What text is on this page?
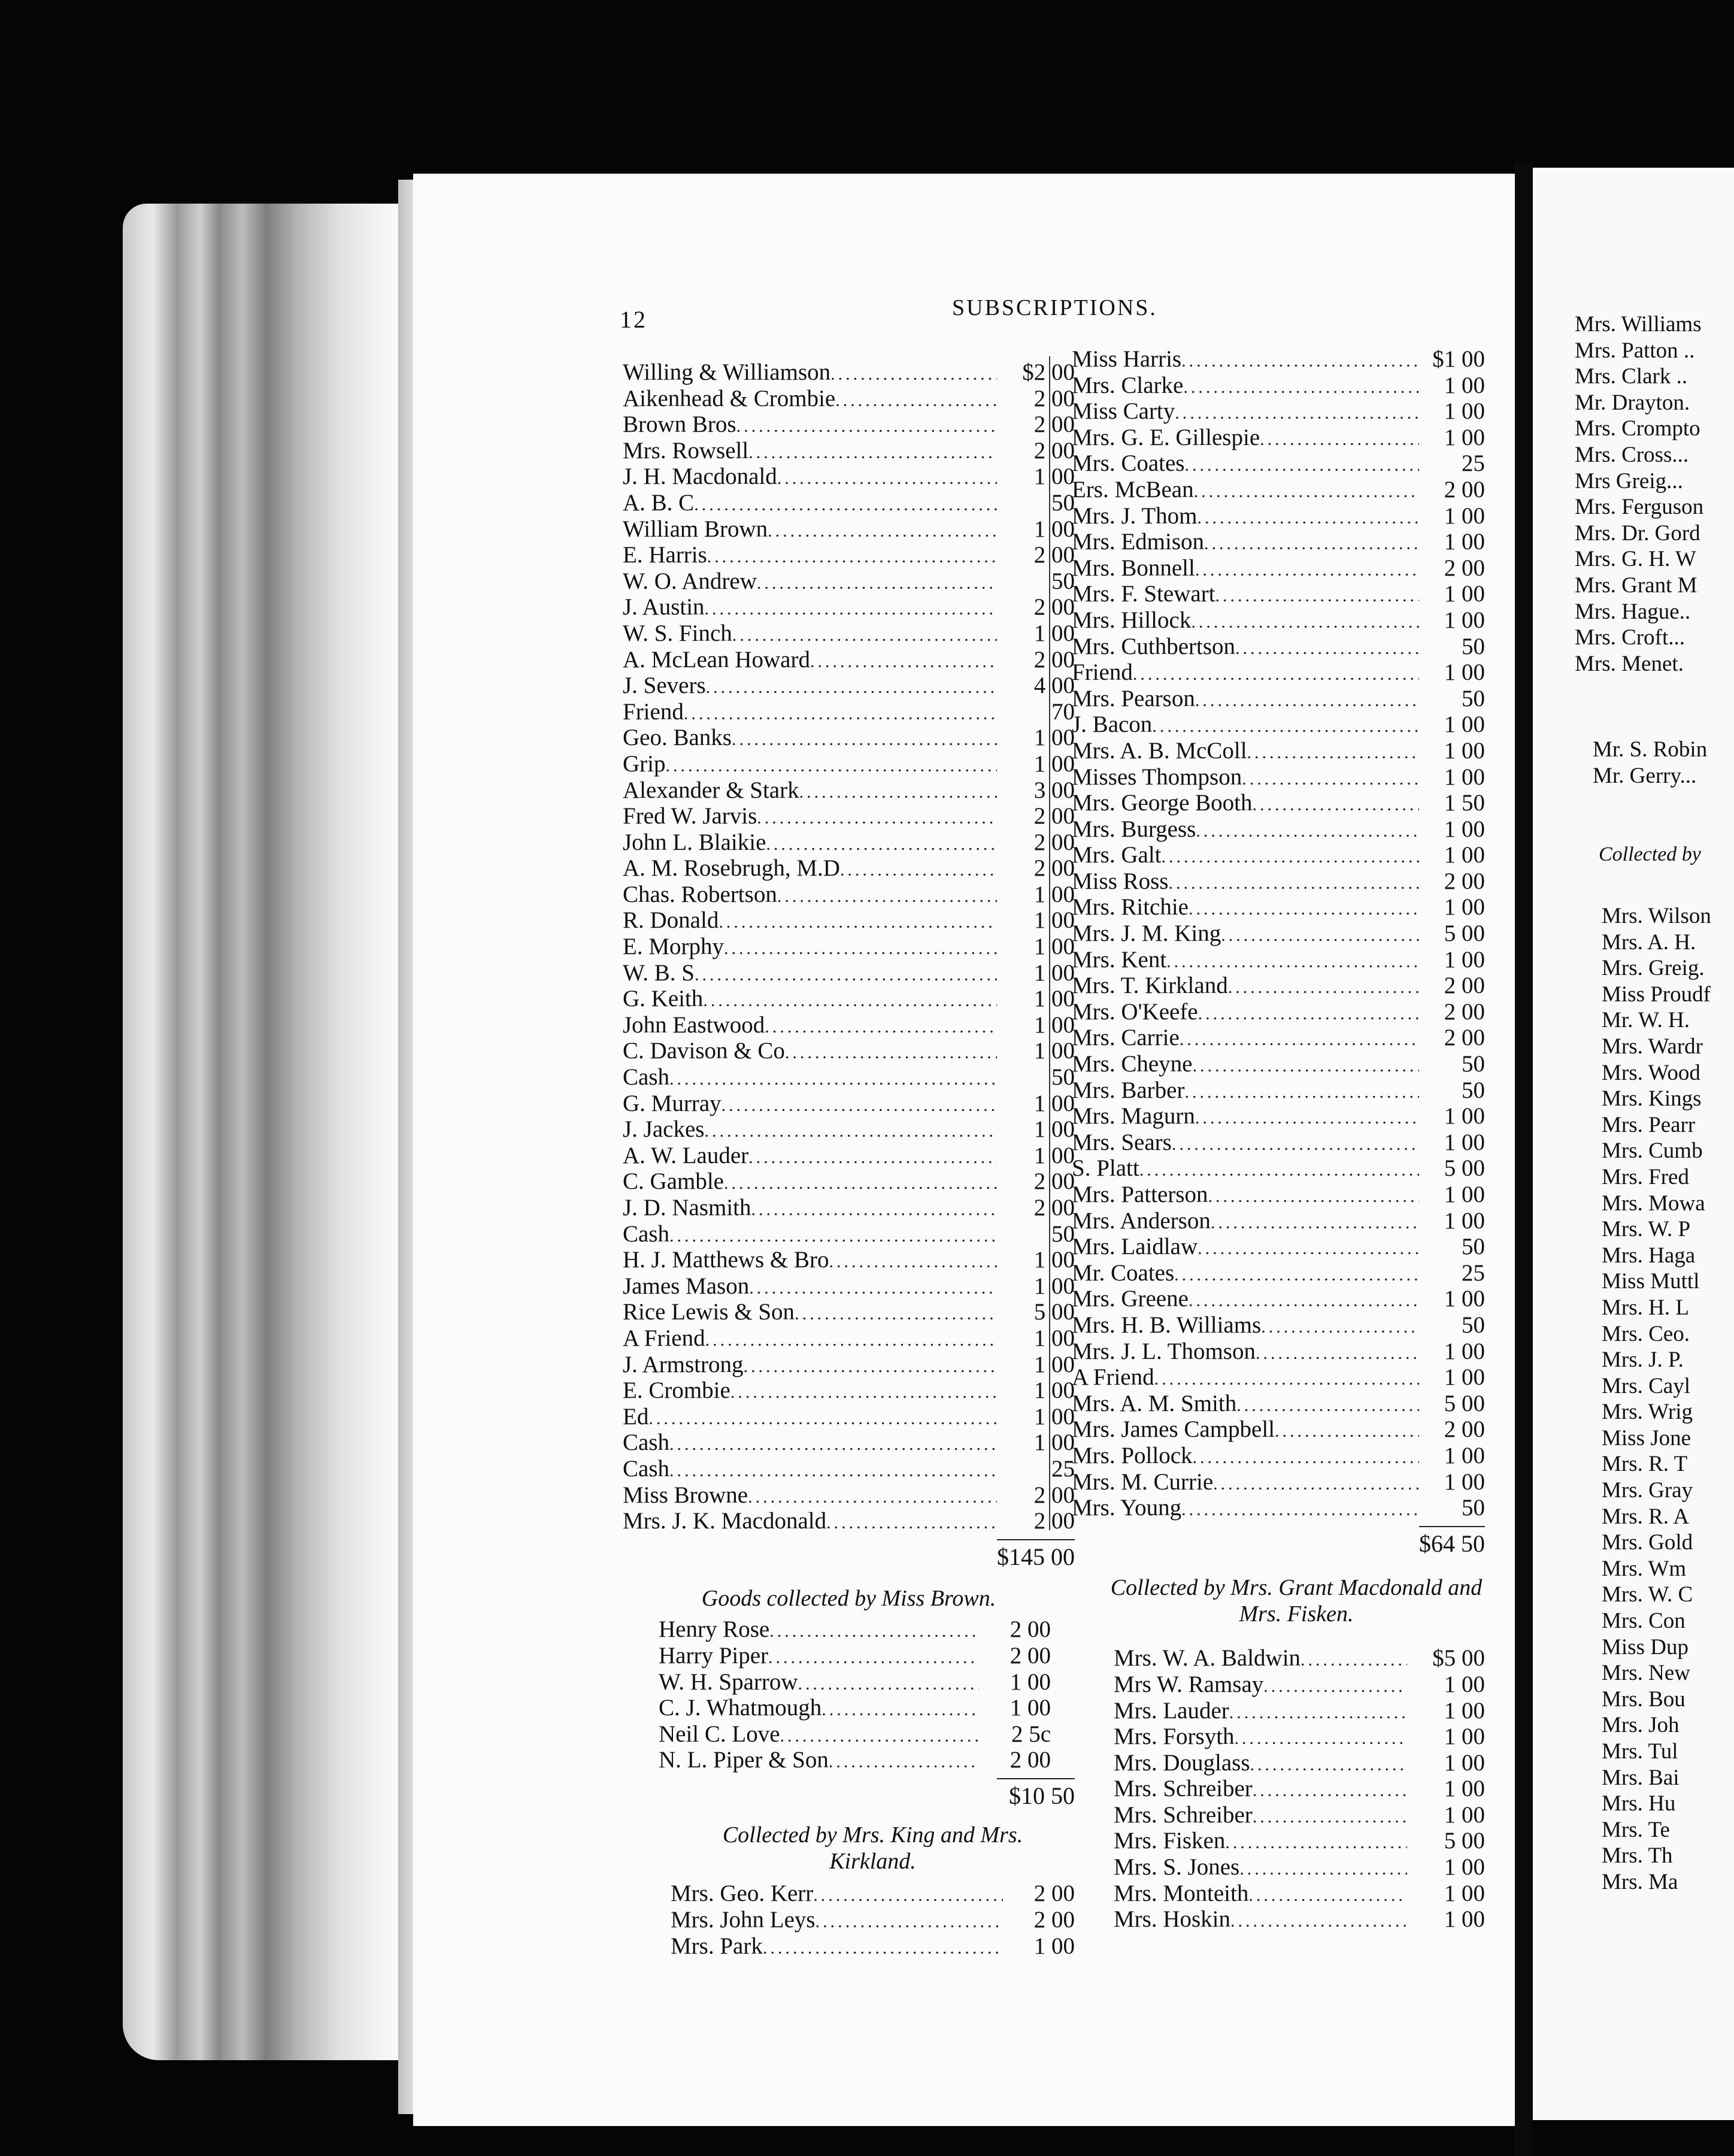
Mrs. Williams
Mrs. Patton ..
Mrs. Clark ..
Mr. Drayton.
Mrs. Crompto
Mrs. Cross...
Mrs Greig...
Mrs. Ferguson
Mrs. Dr. Gord
Mrs. G. H. W
Mrs. Grant M
Mrs. Hague..
Mrs. Croft...
Mrs. Menet.
Mr. S. Robin
Mr. Gerry...
Collected by
Mrs. Wilson
Mrs. A. H.
Mrs. Greig.
Miss Proudf
Mr. W. H.
Mrs. Wardr
Mrs. Wood
Mrs. Kings
Mrs. Pearr
Mrs. Cumb
Mrs. Fred
Mrs. Mowa
Mrs. W. P
Mrs. Haga
Miss Muttl
Mrs. H. L
Mrs. Ceo.
Mrs. J. P.
Mrs. Cayl
Mrs. Wrig
Miss Jone
Mrs. R. T
Mrs. Gray
Mrs. R. A
Mrs. Gold
Mrs. Wm
Mrs. W. C
Mrs. Con
Miss Dup
Mrs. New
Mrs. Bou
Mrs. Joh
Mrs. Tul
Mrs. Bai
Mrs. Hu
Mrs. Te
Mrs. Th
Mrs. Ma
12	SUBSCRIPTIONS.
Willing & Williamson .....	$2 00
Aikenhead & Crombie .....	2 00
Brown Bros .....	2 00
Mrs. Rowsell .....	2 00
J. H. Macdonald .....	1 00
A. B. C .....	50
William Brown .....	1 00
E. Harris .....	2 00
W. O. Andrew .....	50
J. Austin .....	2 00
W. S. Finch .....	1 00
A. McLean Howard .....	2 00
J. Severs .....	4 00
Friend .....	70
Geo. Banks .....	1 00
Grip .....	1 00
Alexander & Stark .....	3 00
Fred W. Jarvis .....	2 00
John L. Blaikie .....	2 00
A. M. Rosebrugh, M.D .....	2 00
Chas. Robertson .....	1 00
R. Donald .....	1 00
E. Morphy .....	1 00
W. B. S .....	1 00
G. Keith .....	1 00
John Eastwood .....	1 00
C. Davison & Co .....	1 00
Cash .....	50
G. Murray .....	1 00
J. Jackes .....	1 00
A. W. Lauder .....	1 00
C. Gamble .....	2 00
J. D. Nasmith .....	2 00
Cash .....	50
H. J. Matthews & Bro .....	1 00
James Mason .....	1 00
Rice Lewis & Son .....	5 00
A Friend .....	1 00
J. Armstrong .....	1 00
E. Crombie .....	1 00
Ed .....	1 00
Cash .....	1 00
Cash .....	25
Miss Browne .....	2 00
Mrs. J. K. Macdonald .....	2 00
$145 00
Goods collected by Miss Brown.
Henry Rose .....	2 00
Harry Piper .....	2 00
W. H. Sparrow .....	1 00
C. J. Whatmough .....	1 00
Neil C. Love .....	2 5c
N. L. Piper & Son .....	2 00
$10 50
Collected by Mrs. King and Mrs. Kirkland.
Mrs. Geo. Kerr .....	2 00
Mrs. John Leys .....	2 00
Mrs. Park .....	1 00
Miss Harris .....	$1 00
Mrs. Clarke .....	1 00
Miss Carty .....	1 00
Mrs. G. E. Gillespie .....	1 00
Mrs. Coates .....	25
Ers. McBean .....	2 00
Mrs. J. Thom .....	1 00
Mrs. Edmison .....	1 00
Mrs. Bonnell .....	2 00
Mrs. F. Stewart .....	1 00
Mrs. Hillock .....	1 00
Mrs. Cuthbertson .....	50
Friend .....	1 00
Mrs. Pearson .....	50
J. Bacon .....	1 00
Mrs. A. B. McColl .....	1 00
Misses Thompson .....	1 00
Mrs. George Booth .....	1 50
Mrs. Burgess .....	1 00
Mrs. Galt .....	1 00
Miss Ross .....	2 00
Mrs. Ritchie .....	1 00
Mrs. J. M. King .....	5 00
Mrs. Kent .....	1 00
Mrs. T. Kirkland .....	2 00
Mrs. O'Keefe .....	2 00
Mrs. Carrie .....	2 00
Mrs. Cheyne .....	50
Mrs. Barber .....	50
Mrs. Magurn .....	1 00
Mrs. Sears .....	1 00
S. Platt .....	5 00
Mrs. Patterson .....	1 00
Mrs. Anderson .....	1 00
Mrs. Laidlaw .....	50
Mr. Coates .....	25
Mrs. Greene .....	1 00
Mrs. H. B. Williams .....	50
Mrs. J. L. Thomson .....	1 00
A Friend .....	1 00
Mrs. A. M. Smith .....	5 00
Mrs. James Campbell .....	2 00
Mrs. Pollock .....	1 00
Mrs. M. Currie .....	1 00
Mrs. Young .....	50
$64 50
Collected by Mrs. Grant Macdonald and Mrs. Fisken.
Mrs. W. A. Baldwin .....	$5 00
Mrs W. Ramsay .....	1 00
Mrs. Lauder .....	1 00
Mrs. Forsyth .....	1 00
Mrs. Douglass .....	1 00
Mrs. Schreiber .....	1 00
Mrs. Schreiber .....	1 00
Mrs. Fisken .....	5 00
Mrs. S. Jones .....	1 00
Mrs. Monteith .....	1 00
Mrs. Hoskin .....	1 00
